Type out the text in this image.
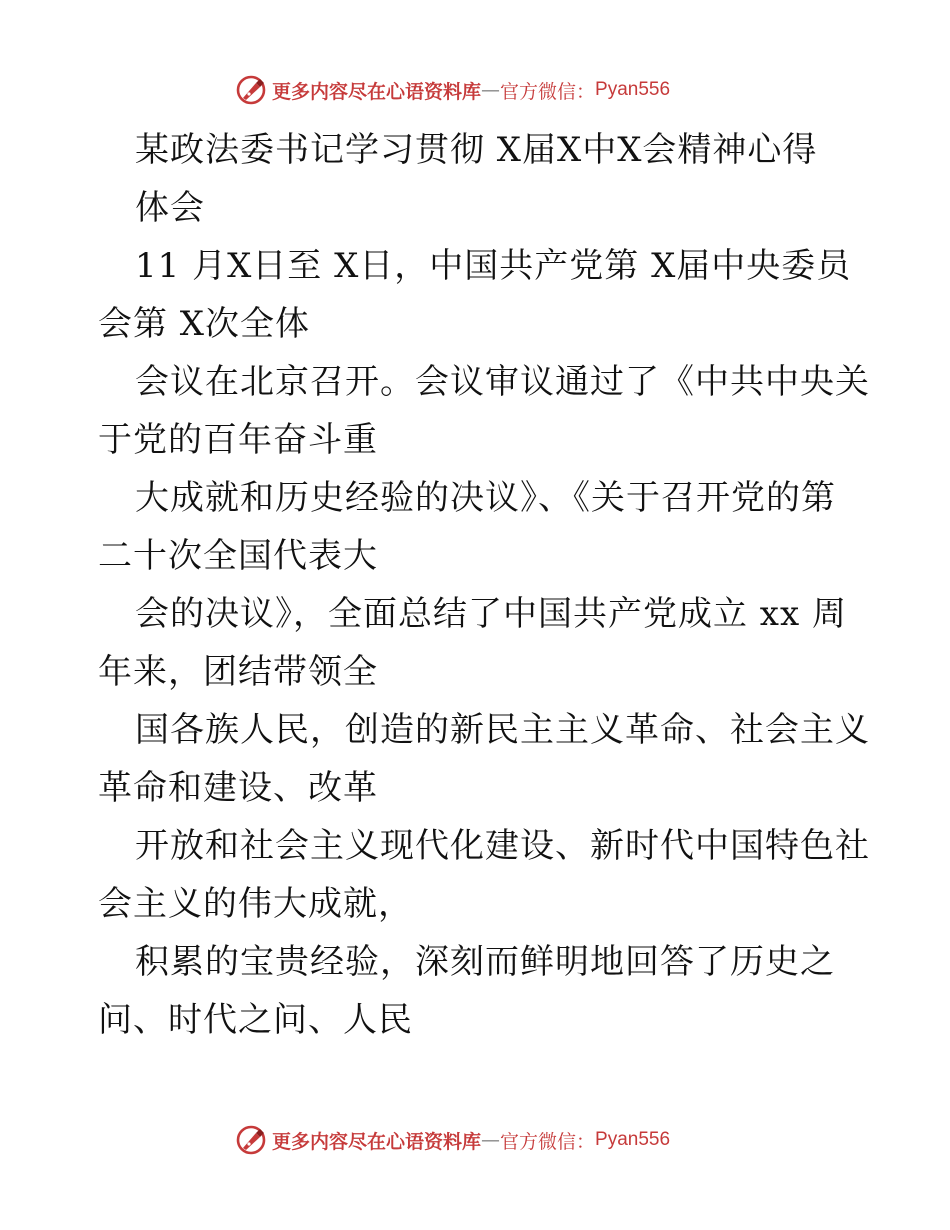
更多内容尽在心语资料库 — 官方微信： Pyan556
某政法委书记学习贯彻 X届X中X会精神心得
体会
11 月X日至 X日，中国共产党第 X届中央委员
会第 X次全体
会议在北京召开。会议审议通过了《中共中央关
于党的百年奋斗重
大成就和历史经验的决议》、《关于召开党的第
二十次全国代表大
会的决议》，全面总结了中国共产党成立 xx 周
年来，团结带领全
国各族人民，创造的新民主主义革命、社会主义
革命和建设、改革
开放和社会主义现代化建设、新时代中国特色社
会主义的伟大成就，
积累的宝贵经验，深刻而鲜明地回答了历史之
问、时代之问、人民
更多内容尽在心语资料库 — 官方微信： Pyan556
